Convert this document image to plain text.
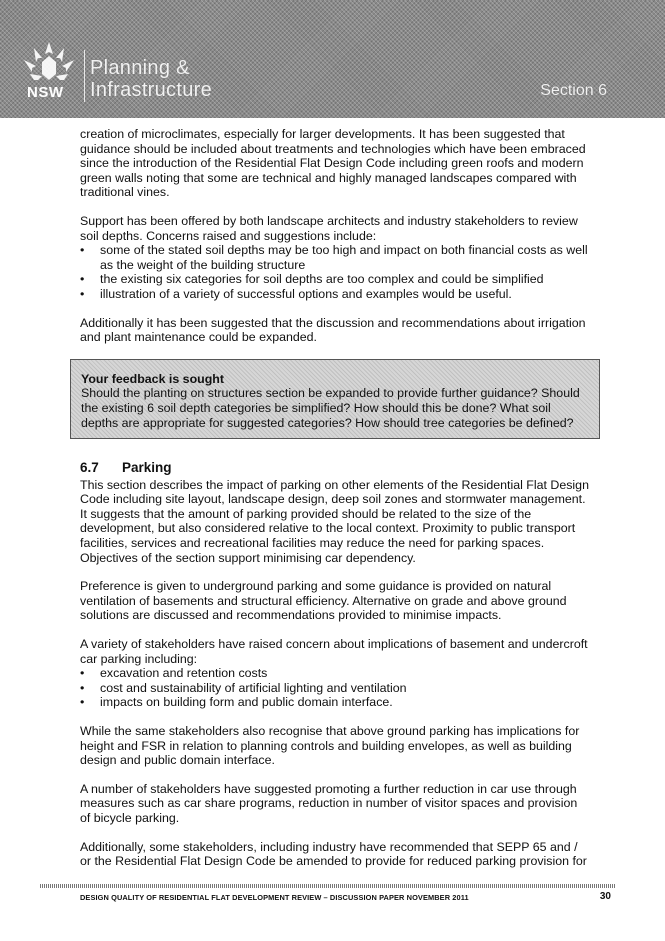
NSW
Planning &
Infrastructure	Section 6

creation of microclimates, especially for larger developments. It has been suggested that guidance should be included about treatments and technologies which have been embraced since the introduction of the Residential Flat Design Code including green roofs and modern green walls noting that some are technical and highly managed landscapes compared with traditional vines.

Support has been offered by both landscape architects and industry stakeholders to review soil depths. Concerns raised and suggestions include:

• some of the stated soil depths may be too high and impact on both financial costs as well as the weight of the building structure
• the existing six categories for soil depths are too complex and could be simplified
• illustration of a variety of successful options and examples would be useful.

Additionally it has been suggested that the discussion and recommendations about irrigation and plant maintenance could be expanded.

Your feedback is sought
Should the planting on structures section be expanded to provide further guidance? Should the existing 6 soil depth categories be simplified? How should this be done? What soil depths are appropriate for suggested categories? How should tree categories be defined?
6.7 Parking

This section describes the impact of parking on other elements of the Residential Flat Design Code including site layout, landscape design, deep soil zones and stormwater management. It suggests that the amount of parking provided should be related to the size of the development, but also considered relative to the local context. Proximity to public transport facilities, services and recreational facilities may reduce the need for parking spaces. Objectives of the section support minimising car dependency.

Preference is given to underground parking and some guidance is provided on natural ventilation of basements and structural efficiency. Alternative on grade and above ground solutions are discussed and recommendations provided to minimise impacts.

A variety of stakeholders have raised concern about implications of basement and undercroft car parking including:

• excavation and retention costs
• cost and sustainability of artificial lighting and ventilation
• impacts on building form and public domain interface.

While the same stakeholders also recognise that above ground parking has implications for height and FSR in relation to planning controls and building envelopes, as well as building design and public domain interface.

A number of stakeholders have suggested promoting a further reduction in car use through measures such as car share programs, reduction in number of visitor spaces and provision of bicycle parking.

Additionally, some stakeholders, including industry have recommended that SEPP 65 and / or the Residential Flat Design Code be amended to provide for reduced parking provision for

DESIGN QUALITY OF RESIDENTIAL FLAT DEVELOPMENT REVIEW – DISCUSSION PAPER NOVEMBER 2011	30
